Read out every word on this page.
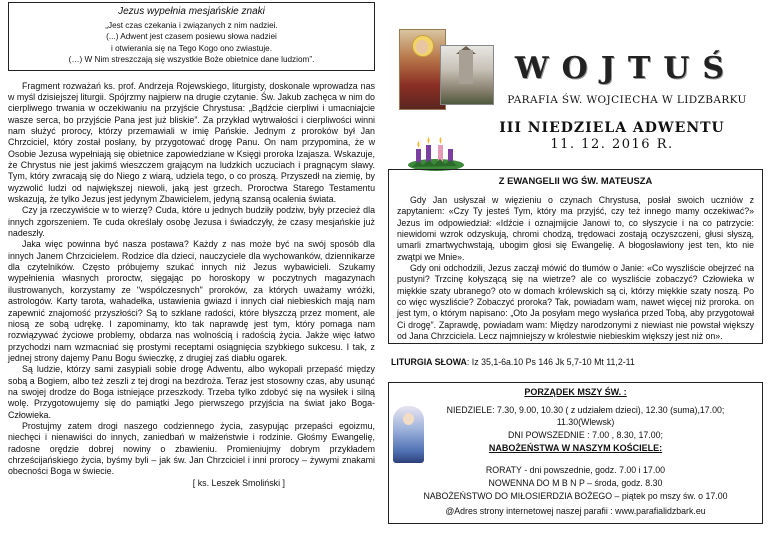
Jezus wypełnia mesjańskie znaki
„Jest czas czekania i związanych z nim nadziei.
(...) Adwent jest czasem posiewu słowa nadziei
i otwierania się na Tego Kogo ono zwiastuje.
(…) W Nim streszczają się wszystkie Boże obietnice dane ludziom”.

Fragment rozważań ks. prof. Andrzeja Rojewskiego, liturgisty, doskonale wprowadza nas w myśl dzisiejszej liturgii. Spójrzmy najpierw na drugie czytanie. Św. Jakub zachęca w nim do cierpliwego trwania w oczekiwaniu na przyjście Chrystusa: „Bądźcie cierpliwi i umacniajcie wasze serca, bo przyjście Pana jest już bliskie”. Za przykład wytrwałości i cierpliwości winni nam służyć prorocy, którzy przemawiali w imię Pańskie. Jednym z proroków był Jan Chrzciciel, który został posłany, by przygotować drogę Panu. On nam przypomina, że w Osobie Jezusa wypełniają się obietnice zapowiedziane w Księgi proroka Izajasza. Wskazuje, że Chrystus nie jest jakimś wieszczem grającym na ludzkich uczuciach i pragnącym sławy. Tym, który zwracają się do Niego z wiarą, udziela tego, o co proszą. Przyszedł na ziemię, by wyzwolić ludzi od największej niewoli, jaką jest grzech. Proroctwa Starego Testamentu wskazują, że tylko Jezus jest jedynym Zbawicielem, jedyną szansą ocalenia świata.

Czy ja rzeczywiście w to wierzę? Cuda, które u jednych budziły podziw, były przecież dla innych zgorszeniem. Te cuda określały osobę Jezusa i świadczyły, że czasy mesjańskie już nadeszły.

Jaka więc powinna być nasza postawa? Każdy z nas może być na swój sposób dla innych Janem Chrzcicielem. Rodzice dla dzieci, nauczyciele dla wychowanków, dziennikarze dla czytelników. Często próbujemy szukać innych niż Jezus wybawicieli. Szukamy wypełnienia własnych proroctw, sięgając po horoskopy w poczytnych magazynach ilustrowanych, korzystamy ze "wspólczesnych" proroków, za których uważamy wróżki, astrologów. Karty tarota, wahadełka, ustawienia gwiazd i innych ciał niebieskich mają nam zapewnić znajomość przyszłości? Są to szklane radości, które błyszczą przez moment, ale niosą ze sobą udrękę. I zapominamy, kto tak naprawdę jest tym, który pomaga nam rozwiązywać życiowe problemy, obdarza nas wolnością i radością życia. Jakże więc łatwo przychodzi nam wzmacniać się prostymi receptami osiągnięcia szybkiego sukcesu. I tak, z jednej strony dajemy Panu Bogu świeczkę, z drugiej zaś diabłu ogarek.

Są ludzie, którzy sami zasypiali sobie drogę Adwentu, albo wykopali przepaść między sobą a Bogiem, albo też zeszli z tej drogi na bezdroża. Teraz jest stosowny czas, aby usunąć na swojej drodze do Boga istniejące przeszkody. Trzeba tylko zdobyć się na wysiłek i silną wolę. Przygotowujemy się do pamiątki Jego pierwszego przyjścia na świat jako Boga-Człowieka.

Prostujmy zatem drogi naszego codziennego życia, zasypując przepaści egoizmu, niechęci i nienawiści do innych, zaniedbań w małżeństwie i rodzinie. Głośmy Ewangelię, radosne orędzie dobrej nowiny o zbawieniu. Promieniujmy dobrym przykładem chrześcijańskiego życia, byśmy byli – jak św. Jan Chrzciciel i inni prorocy – żywymi znakami obecności Boga w świecie.

[ ks. Leszek Smoliński ]

WOJTUŚ
PARAFIA ŚW. WOJCIECHA W LIDZBARKU
III NIEDZIELA ADWENTU
11. 12. 2016 R.
Z EWANGELII WG ŚW. MATEUSZA

Gdy Jan usłyszał w więzieniu o czynach Chrystusa, posłał swoich uczniów z zapytaniem: «Czy Ty jesteś Tym, który ma przyjść, czy też innego mamy oczekiwać?» Jezus im odpowiedział: «Idźcie i oznajmijcie Janowi to, co słyszycie i na co patrzycie: niewidomi wzrok odzyskują, chromi chodzą, trędowaci zostają oczyszczeni, głusi słyszą, umarli zmartwychwstają, ubogim głosi się Ewangelię. A błogosławiony jest ten, kto nie zwątpi we Mnie».

Gdy oni odchodzili, Jezus zaczął mówić do tłumów o Janie: «Co wyszliście obejrzeć na pustyni? Trzcinę kołyszącą się na wietrze? ale co wyszliście zobaczyć? Człowieka w miękkie szaty ubranego? oto w domach królewskich są ci, którzy miękkie szaty noszą. Po co więc wyszliście? Zobaczyć proroka? Tak, powiadam wam, nawet więcej niż proroka. on jest tym, o którym napisano: „Oto Ja posyłam mego wysłańca przed Tobą, aby przygotował Ci drogę”. Zaprawdę, powiadam wam: Między narodzonymi z niewiast nie powstał większy od Jana Chrzciciela. Lecz najmniejszy w królestwie niebieskim większy jest niż on».

LITURGIA SŁOWA: Iz 35,1-6a.10 Ps 146 Jk 5,7-10 Mt 11,2-11
PORZĄDEK MSZY ŚW. :
NIEDZIELE: 7.30, 9.00, 10.30 ( z udziałem dzieci), 12.30 (suma),17.00;
11.30(Wlewsk)
DNI POWSZEDNIE : 7.00 , 8.30, 17.00;
NABOŻEŃSTWA W NASZYM KOŚCIELE:
RORATY - dni powszednie, godz. 7.00 i 17.00
NOWENNA DO M B N P – środa, godz. 8.30
NABOŻEŃSTWO DO MIŁOSIERDZIA BOŻEGO – piątek po mszy św. o 17.00
@Adres strony internetowej naszej parafii : www.parafialidzbark.eu
